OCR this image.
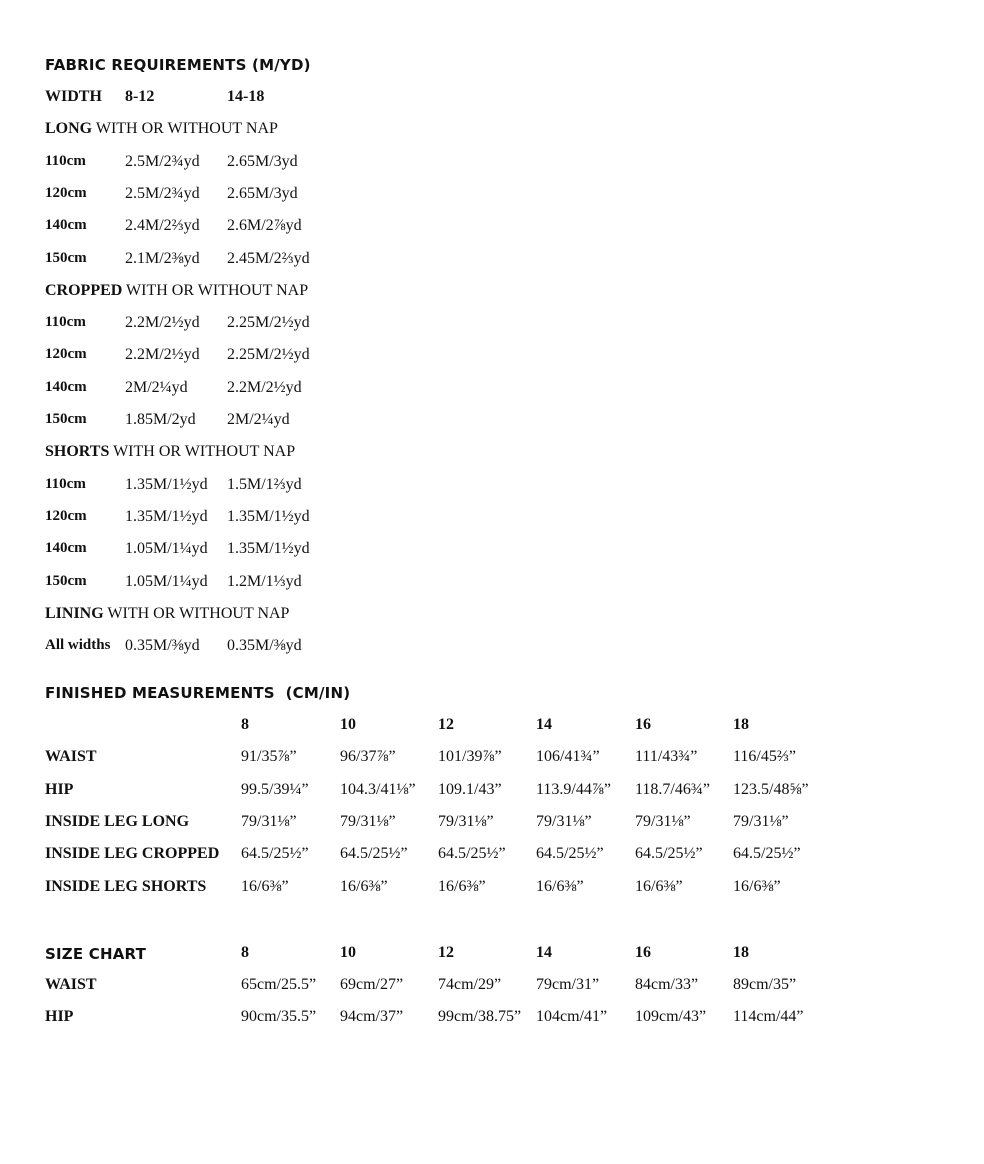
FABRIC REQUIREMENTS (M/YD)
WIDTH 8-12	14-18
LONG WITH OR WITHOUT NAP
110cm 2.5M/2¾yd 2.65M/3yd
120cm 2.5M/2¾yd 2.65M/3yd
140cm 2.4M/2⅔yd 2.6M/2⅞yd
150cm 2.1M/2⅜yd 2.45M/2⅔yd
CROPPED WITH OR WITHOUT NAP
110cm 2.2M/2½yd 2.25M/2½yd
120cm 2.2M/2½yd 2.25M/2½yd
140cm 2M/2¼yd 2.2M/2½yd
150cm 1.85M/2yd 2M/2¼yd
SHORTS WITH OR WITHOUT NAP
110cm 1.35M/1½yd 1.5M/1⅔yd
120cm 1.35M/1½yd 1.35M/1½yd
140cm 1.05M/1¼yd 1.35M/1½yd
150cm 1.05M/1¼yd 1.2M/1⅓yd
LINING WITH OR WITHOUT NAP
All widths 0.35M/⅜yd 0.35M/⅜yd
FINISHED MEASUREMENTS  (CM/IN)
8	10	12	14	16	18
WAIST	91/35⅞”	96/37⅞”	101/39⅞” 106/41¾” 111/43¾” 116/45⅔”
HIP	99.5/39¼” 104.3/41⅛” 109.1/43” 113.9/44⅞” 118.7/46¾” 123.5/48⅝”
INSIDE LEG LONG	79/31⅛”	79/31⅛”	79/31⅛”	79/31⅛”	79/31⅛”	79/31⅛”
INSIDE LEG CROPPED 64.5/25½” 64.5/25½” 64.5/25½” 64.5/25½” 64.5/25½” 64.5/25½”
INSIDE LEG SHORTS 16/6⅜”	16/6⅜”	16/6⅜”	16/6⅜”	16/6⅜”	16/6⅜”
SIZE CHART	8	10	12	14	16	18
WAIST	65cm/25.5” 69cm/27” 74cm/29” 79cm/31” 84cm/33” 89cm/35”
HIP	90cm/35.5” 94cm/37” 99cm/38.75” 104cm/41” 109cm/43” 114cm/44”
